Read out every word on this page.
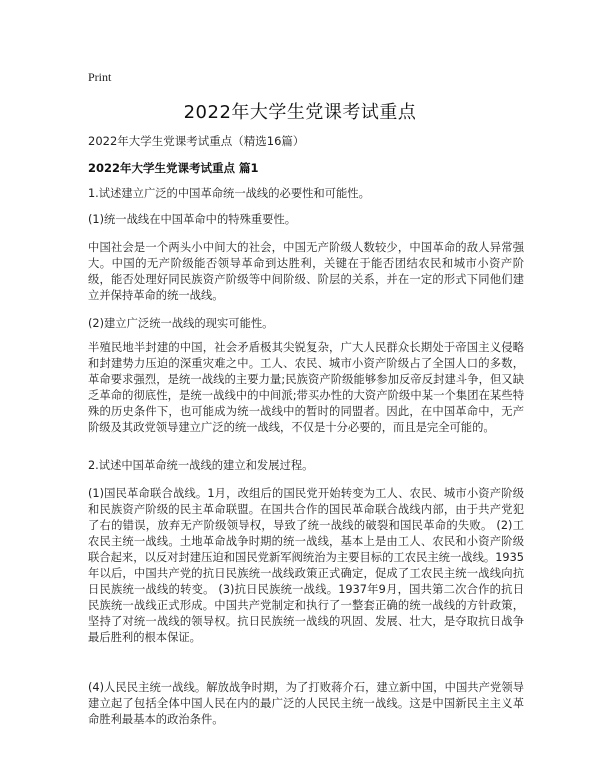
Print
2022年大学生党课考试重点

2022年大学生党课考试重点（精选16篇）

2022年大学生党课考试重点 篇1

1.试述建立广泛的中国革命统一战线的必要性和可能性。

(1)统一战线在中国革命中的特殊重要性。

中国社会是一个两头小中间大的社会，中国无产阶级人数较少，中国革命的敌人异常强大。中国的无产阶级能否领导革命到达胜利，关键在于能否团结农民和城市小资产阶级，能否处理好同民族资产阶级等中间阶级、阶层的关系，并在一定的形式下同他们建立并保持革命的统一战线。

(2)建立广泛统一战线的现实可能性。

半殖民地半封建的中国，社会矛盾极其尖锐复杂，广大人民群众长期处于帝国主义侵略和封建势力压迫的深重灾难之中。工人、农民、城市小资产阶级占了全国人口的多数，革命要求强烈，是统一战线的主要力量;民族资产阶级能够参加反帝反封建斗争，但又缺乏革命的彻底性，是统一战线中的中间派;带买办性的大资产阶级中某一个集团在某些特殊的历史条件下，也可能成为统一战线中的暂时的同盟者。因此，在中国革命中，无产阶级及其政党领导建立广泛的统一战线，不仅是十分必要的，而且是完全可能的。

2.试述中国革命统一战线的建立和发展过程。

(1)国民革命联合战线。1月，改组后的国民党开始转变为工人、农民、城市小资产阶级和民族资产阶级的民主革命联盟。在国共合作的国民革命联合战线内部，由于共产党犯了右的错误，放弃无产阶级领导权，导致了统一战线的破裂和国民革命的失败。 (2)工农民主统一战线。土地革命战争时期的统一战线，基本上是由工人、农民和小资产阶级联合起来，以反对封建压迫和国民党新军阀统治为主要目标的工农民主统一战线。1935年以后，中国共产党的抗日民族统一战线政策正式确定，促成了工农民主统一战线向抗日民族统一战线的转变。 (3)抗日民族统一战线。1937年9月，国共第二次合作的抗日民族统一战线正式形成。中国共产党制定和执行了一整套正确的统一战线的方针政策，坚持了对统一战线的领导权。抗日民族统一战线的巩固、发展、壮大，是夺取抗日战争最后胜利的根本保证。

(4)人民民主统一战线。解放战争时期，为了打败蒋介石，建立新中国，中国共产党领导建立起了包括全体中国人民在内的最广泛的人民民主统一战线。这是中国新民主主义革命胜利最基本的政治条件。
